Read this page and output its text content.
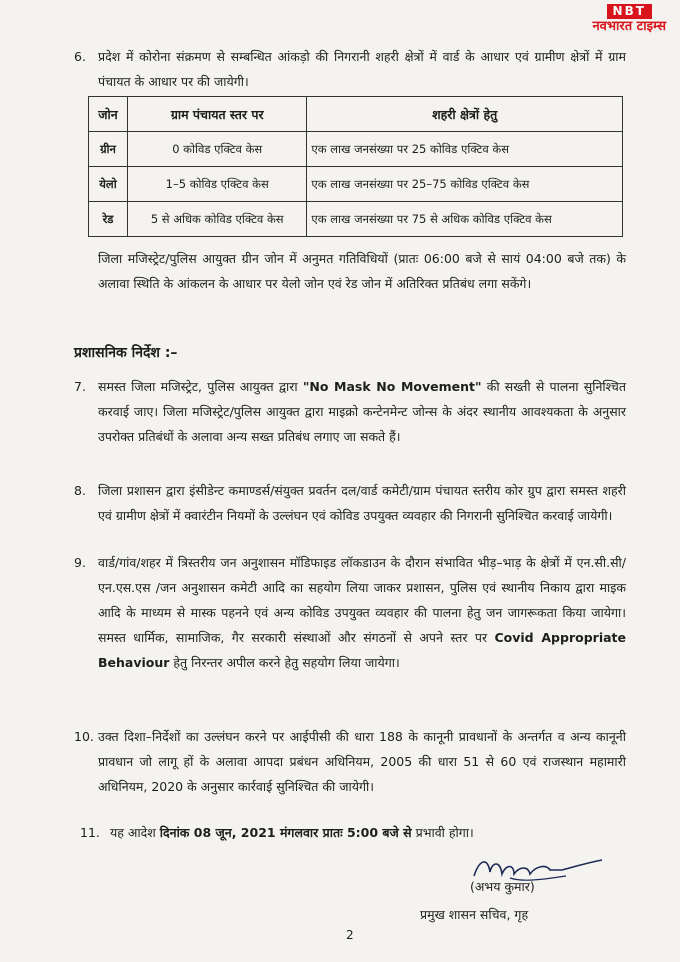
NBT
नवभारत टाइम्स
6. प्रदेश में कोरोना संक्रमण से सम्बन्धित आंकड़ो की निगरानी शहरी क्षेत्रों में वार्ड के आधार एवं ग्रामीण क्षेत्रों में ग्राम पंचायत के आधार पर की जायेगी।
जोन	ग्राम पंचायत स्तर पर	शहरी क्षेत्रों हेतु
ग्रीन	0 कोविड एक्टिव केस	एक लाख जनसंख्या पर 25 कोविड एक्टिव केस
येलो	1–5 कोविड एक्टिव केस	एक लाख जनसंख्या पर 25–75 कोविड एक्टिव केस
रेड	5 से अधिक कोविड एक्टिव केस	एक लाख जनसंख्या पर 75 से अधिक कोविड एक्टिव केस
जिला मजिस्ट्रेट/पुलिस आयुक्त ग्रीन जोन में अनुमत गतिविधियों (प्रातः 06:00 बजे से सायं 04:00 बजे तक) के अलावा स्थिति के आंकलन के आधार पर येलो जोन एवं रेड जोन में अतिरिक्त प्रतिबंध लगा सकेंगे।
प्रशासनिक निर्देश :–
7. समस्त जिला मजिस्ट्रेट, पुलिस आयुक्त द्वारा "No Mask No Movement" की सख्ती से पालना सुनिश्चित करवाई जाए। जिला मजिस्ट्रेट/पुलिस आयुक्त द्वारा माइक्रो कन्टेनमेन्ट जोन्स के अंदर स्थानीय आवश्यकता के अनुसार उपरोक्त प्रतिबंधों के अलावा अन्य सख्त प्रतिबंध लगाए जा सकते हैं।
8. जिला प्रशासन द्वारा इंसीडेन्ट कमाण्डर्स/संयुक्त प्रवर्तन दल/वार्ड कमेटी/ग्राम पंचायत स्तरीय कोर ग्रुप द्वारा समस्त शहरी एवं ग्रामीण क्षेत्रों में क्वारंटीन नियमों के उल्लंघन एवं कोविड उपयुक्त व्यवहार की निगरानी सुनिश्चित करवाई जायेगी।
9. वार्ड/गांव/शहर में त्रिस्तरीय जन अनुशासन मॉडिफाइड लॉकडाउन के दौरान संभावित भीड़–भाड़ के क्षेत्रों में एन.सी.सी/एन.एस.एस /जन अनुशासन कमेटी आदि का सहयोग लिया जाकर प्रशासन, पुलिस एवं स्थानीय निकाय द्वारा माइक आदि के माध्यम से मास्क पहनने एवं अन्य कोविड उपयुक्त व्यवहार की पालना हेतु जन जागरूकता किया जायेगा। समस्त धार्मिक, सामाजिक, गैर सरकारी संस्थाओं और संगठनों से अपने स्तर पर Covid Appropriate Behaviour हेतु निरन्तर अपील करने हेतु सहयोग लिया जायेगा।
10. उक्त दिशा–निर्देशों का उल्लंघन करने पर आईपीसी की धारा 188 के कानूनी प्रावधानों के अन्तर्गत व अन्य कानूनी प्रावधान जो लागू हों के अलावा आपदा प्रबंधन अधिनियम, 2005 की धारा 51 से 60 एवं राजस्थान महामारी अधिनियम, 2020 के अनुसार कार्रवाई सुनिश्चित की जायेगी।
11. यह आदेश दिनांक 08 जून, 2021 मंगलवार प्रातः 5:00 बजे से प्रभावी होगा।
(अभय कुमार)
प्रमुख शासन सचिव, गृह
2
